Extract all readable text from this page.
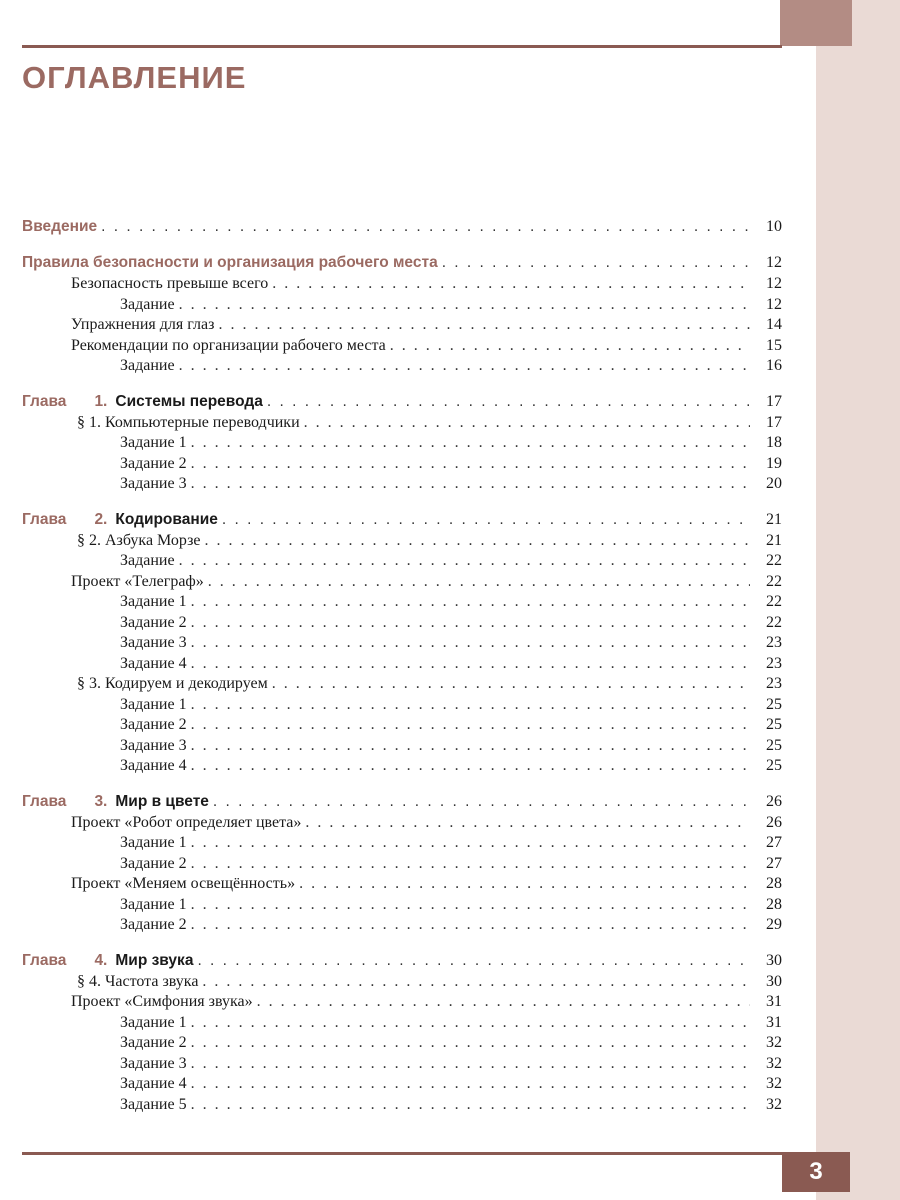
ОГЛАВЛЕНИЕ
Введение . . .	10
Правила безопасности и организация рабочего места . . .	12
Безопасность превыше всего . . .	12
Задание . . .	12
Упражнения для глаз . . .	14
Рекомендации по организации рабочего места . . .	15
Задание . . .	16
Глава 1. Системы перевода . . .	17
§ 1. Компьютерные переводчики . . .	17
Задание 1 . . .	18
Задание 2 . . .	19
Задание 3 . . .	20
Глава 2. Кодирование . . .	21
§ 2. Азбука Морзе . . .	21
Задание . . .	22
Проект «Телеграф» . . .	22
Задание 1 . . .	22
Задание 2 . . .	22
Задание 3 . . .	23
Задание 4 . . .	23
§ 3. Кодируем и декодируем . . .	23
Задание 1 . . .	25
Задание 2 . . .	25
Задание 3 . . .	25
Задание 4 . . .	25
Глава 3. Мир в цвете . . .	26
Проект «Робот определяет цвета» . . .	26
Задание 1 . . .	27
Задание 2 . . .	27
Проект «Меняем освещённость» . . .	28
Задание 1 . . .	28
Задание 2 . . .	29
Глава 4. Мир звука . . .	30
§ 4. Частота звука . . .	30
Проект «Симфония звука» . . .	31
Задание 1 . . .	31
Задание 2 . . .	32
Задание 3 . . .	32
Задание 4 . . .	32
Задание 5 . . .	32
3
